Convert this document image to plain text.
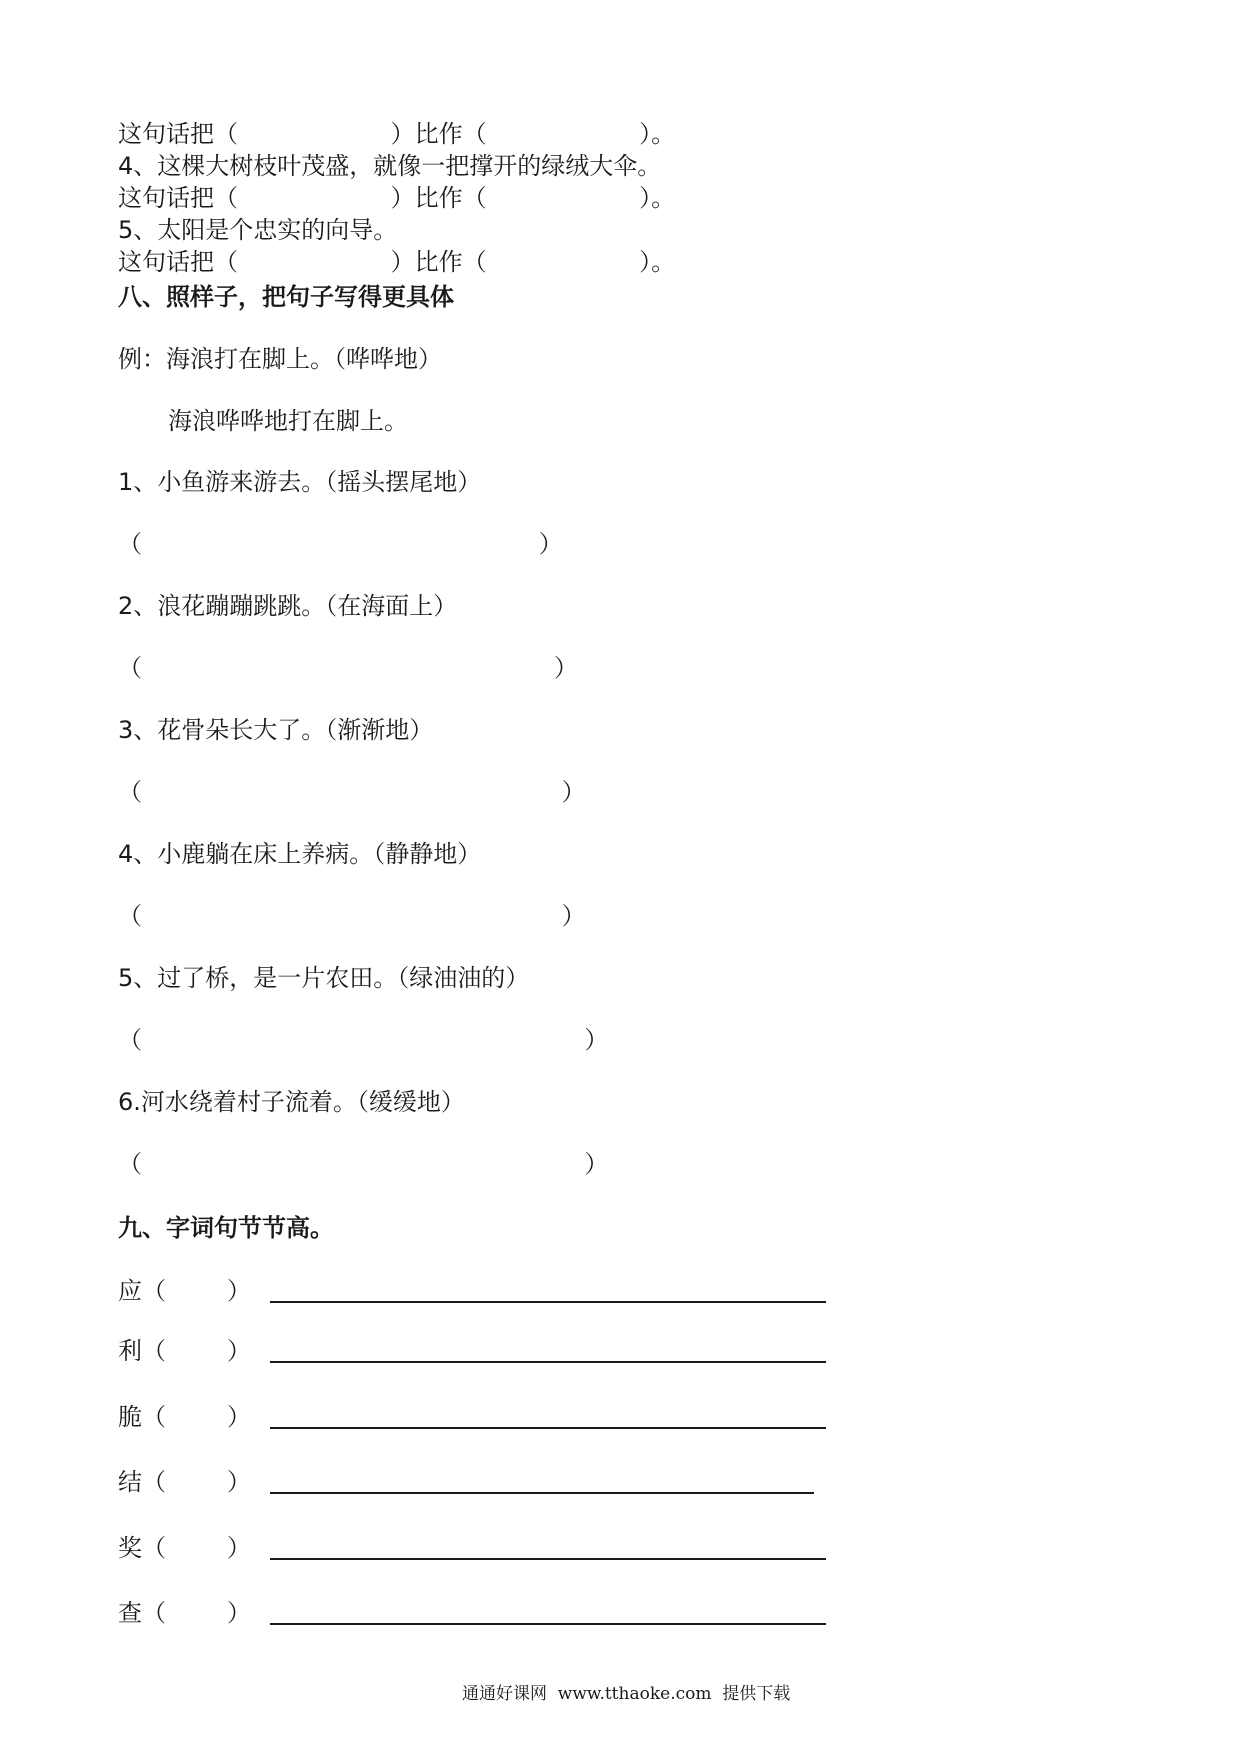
这句话把（                    ）比作（                    ）。
4、这棵大树枝叶茂盛，就像一把撑开的绿绒大伞。
这句话把（                    ）比作（                    ）。
5、太阳是个忠实的向导。
这句话把（                    ）比作（                    ）。
八、照样子，把句子写得更具体
例：海浪打在脚上。（哗哗地）
海浪哗哗地打在脚上。
1、小鱼游来游去。（摇头摆尾地）
（                                                    ）
2、浪花蹦蹦跳跳。（在海面上）
（                                                      ）
3、花骨朵长大了。（渐渐地）
（                                                       ）
4、小鹿躺在床上养病。（静静地）
（                                                       ）
5、过了桥，是一片农田。（绿油油的）
（                                                          ）
6.河水绕着村子流着。（缓缓地）
（                                                          ）
九、字词句节节高。
应（        ）
利（        ）
脆（        ）
结（        ）
奖（        ）
查（        ）
通通好课网  www.tthaoke.com  提供下载
